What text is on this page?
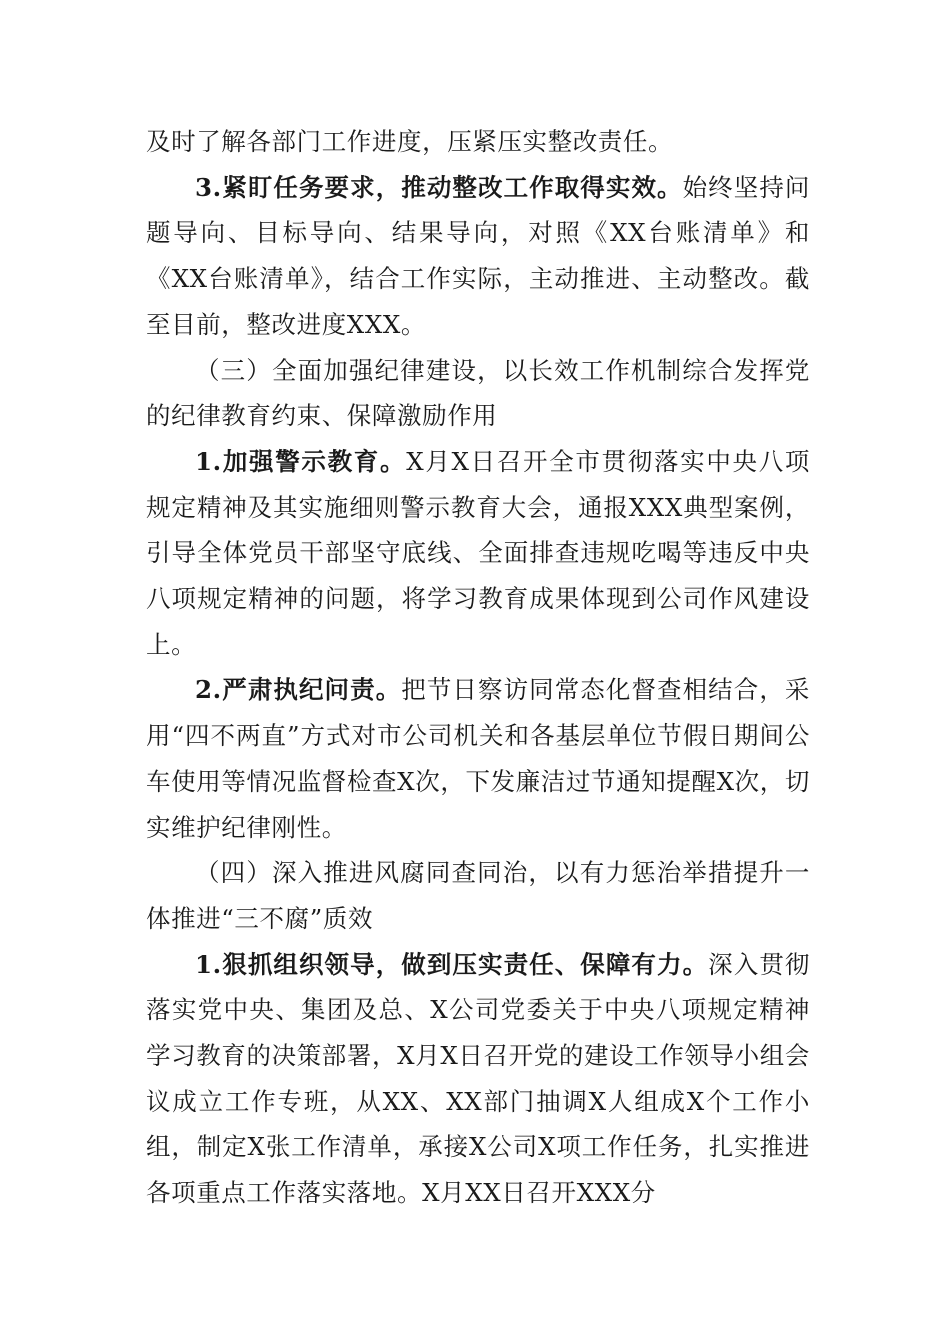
及时了解各部门工作进度，压紧压实整改责任。

3.紧盯任务要求，推动整改工作取得实效。始终坚持问题导向、目标导向、结果导向，对照《XX台账清单》和《XX台账清单》，结合工作实际，主动推进、主动整改。截至目前，整改进度XXX。

（三）全面加强纪律建设，以长效工作机制综合发挥党的纪律教育约束、保障激励作用

1.加强警示教育。X月X日召开全市贯彻落实中央八项规定精神及其实施细则警示教育大会，通报XXX典型案例，引导全体党员干部坚守底线、全面排查违规吃喝等违反中央八项规定精神的问题，将学习教育成果体现到公司作风建设上。

2.严肃执纪问责。把节日察访同常态化督查相结合，采用“四不两直”方式对市公司机关和各基层单位节假日期间公车使用等情况监督检查X次，下发廉洁过节通知提醒X次，切实维护纪律刚性。

（四）深入推进风腐同查同治，以有力惩治举措提升一体推进“三不腐”质效

1.狠抓组织领导，做到压实责任、保障有力。深入贯彻落实党中央、集团及总、X公司党委关于中央八项规定精神学习教育的决策部署，X月X日召开党的建设工作领导小组会议成立工作专班，从XX、XX部门抽调X人组成X个工作小组，制定X张工作清单，承接X公司X项工作任务，扎实推进各项重点工作落实落地。X月XX日召开XXX分
